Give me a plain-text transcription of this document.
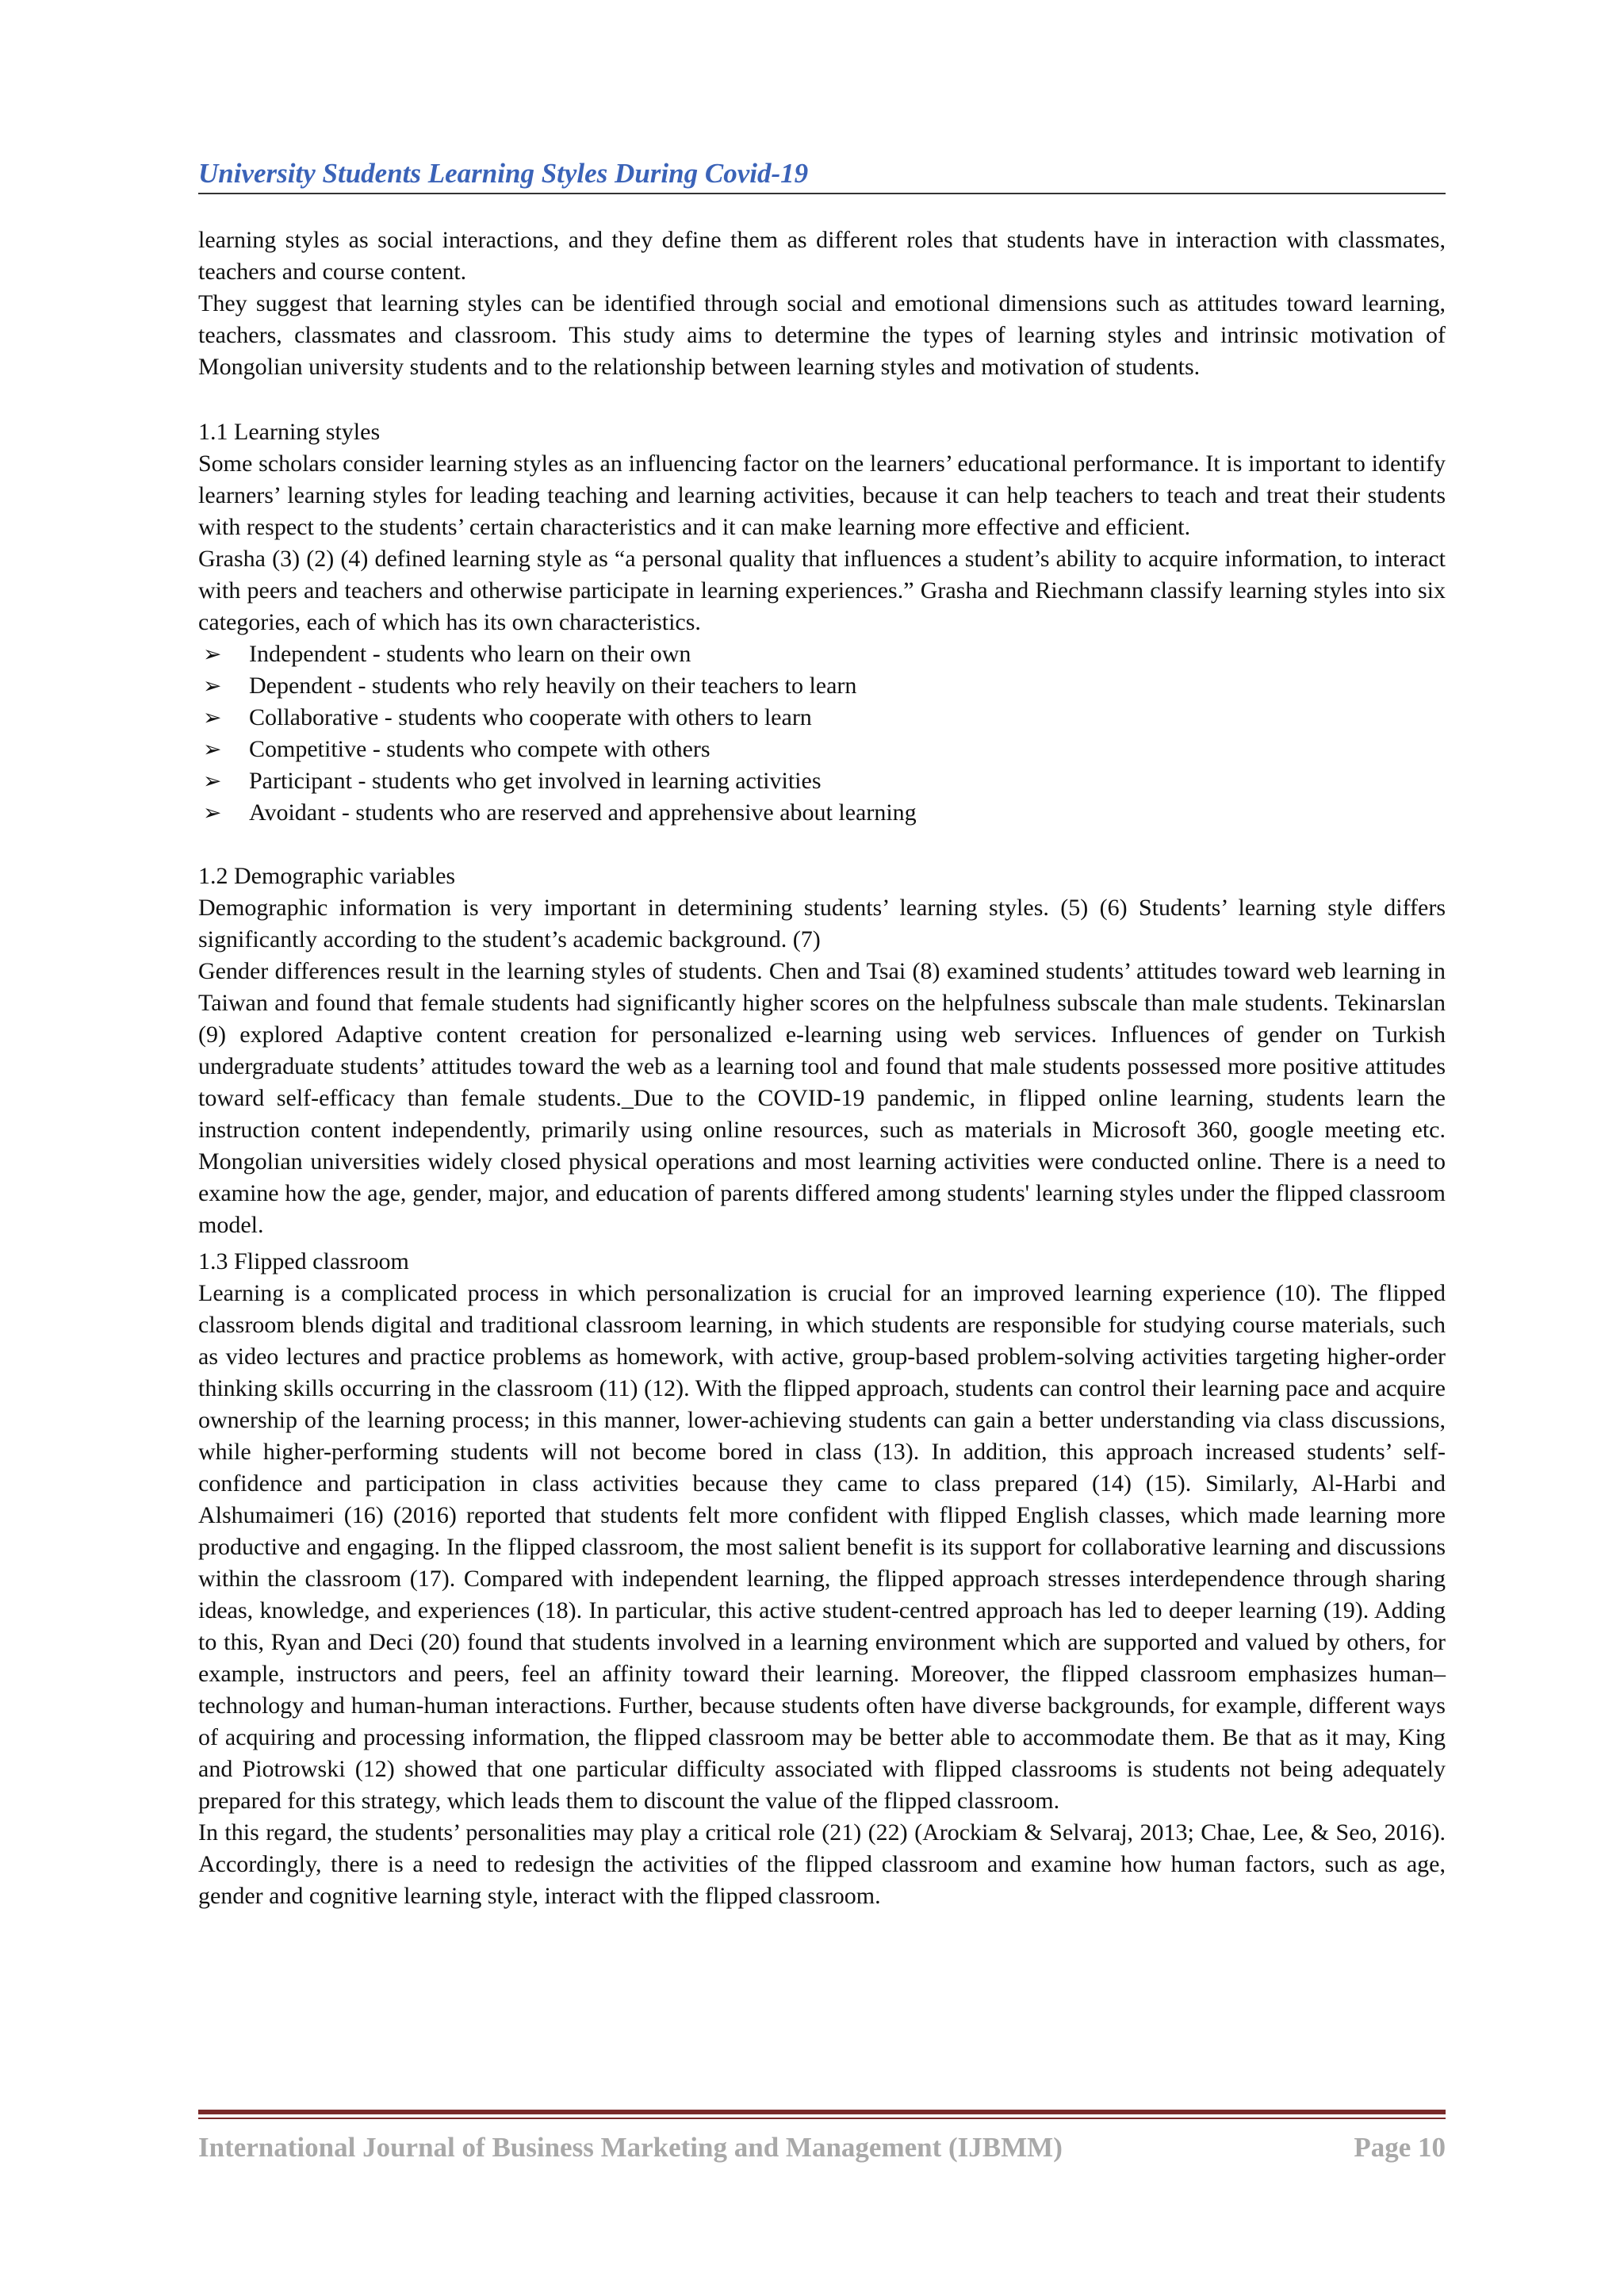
University Students Learning Styles During Covid-19

learning styles as social interactions, and they define them as different roles that students have in interaction with classmates, teachers and course content.

They suggest that learning styles can be identified through social and emotional dimensions such as attitudes toward learning, teachers, classmates and classroom. This study aims to determine the types of learning styles and intrinsic motivation of Mongolian university students and to the relationship between learning styles and motivation of students.

1.1 Learning styles

Some scholars consider learning styles as an influencing factor on the learners’ educational performance. It is important to identify learners’ learning styles for leading teaching and learning activities, because it can help teachers to teach and treat their students with respect to the students’ certain characteristics and it can make learning more effective and efficient.

Grasha (3) (2) (4) defined learning style as “a personal quality that influences a student’s ability to acquire information, to interact with peers and teachers and otherwise participate in learning experiences.” Grasha and Riechmann classify learning styles into six categories, each of which has its own characteristics.

➢ Independent - students who learn on their own
➢ Dependent - students who rely heavily on their teachers to learn
➢ Collaborative - students who cooperate with others to learn
➢ Competitive - students who compete with others
➢ Participant - students who get involved in learning activities
➢ Avoidant - students who are reserved and apprehensive about learning

1.2 Demographic variables

Demographic information is very important in determining students’ learning styles. (5) (6) Students’ learning style differs significantly according to the student’s academic background. (7)

Gender differences result in the learning styles of students. Chen and Tsai (8) examined students’ attitudes toward web learning in Taiwan and found that female students had significantly higher scores on the helpfulness subscale than male students. Tekinarslan (9) explored Adaptive content creation for personalized e-learning using web services. Influences of gender on Turkish undergraduate students’ attitudes toward the web as a learning tool and found that male students possessed more positive attitudes toward self-efficacy than female students._Due to the COVID-19 pandemic, in flipped online learning, students learn the instruction content independently, primarily using online resources, such as materials in Microsoft 360, google meeting etc. Mongolian universities widely closed physical operations and most learning activities were conducted online. There is a need to examine how the age, gender, major, and education of parents differed among students' learning styles under the flipped classroom model.

1.3 Flipped classroom

Learning is a complicated process in which personalization is crucial for an improved learning experience (10). The flipped classroom blends digital and traditional classroom learning, in which students are responsible for studying course materials, such as video lectures and practice problems as homework, with active, group-based problem-solving activities targeting higher-order thinking skills occurring in the classroom (11) (12). With the flipped approach, students can control their learning pace and acquire ownership of the learning process; in this manner, lower-achieving students can gain a better understanding via class discussions, while higher-performing students will not become bored in class (13). In addition, this approach increased students’ self-confidence and participation in class activities because they came to class prepared (14) (15). Similarly, Al-Harbi and Alshumaimeri (16) (2016) reported that students felt more confident with flipped English classes, which made learning more productive and engaging. In the flipped classroom, the most salient benefit is its support for collaborative learning and discussions within the classroom (17). Compared with independent learning, the flipped approach stresses interdependence through sharing ideas, knowledge, and experiences (18). In particular, this active student-centred approach has led to deeper learning (19). Adding to this, Ryan and Deci (20) found that students involved in a learning environment which are supported and valued by others, for example, instructors and peers, feel an affinity toward their learning. Moreover, the flipped classroom emphasizes human–technology and human-human interactions. Further, because students often have diverse backgrounds, for example, different ways of acquiring and processing information, the flipped classroom may be better able to accommodate them. Be that as it may, King and Piotrowski (12) showed that one particular difficulty associated with flipped classrooms is students not being adequately prepared for this strategy, which leads them to discount the value of the flipped classroom.

In this regard, the students’ personalities may play a critical role (21) (22) (Arockiam & Selvaraj, 2013; Chae, Lee, & Seo, 2016). Accordingly, there is a need to redesign the activities of the flipped classroom and examine how human factors, such as age, gender and cognitive learning style, interact with the flipped classroom.

International Journal of Business Marketing and Management (IJBMM)	Page 10
